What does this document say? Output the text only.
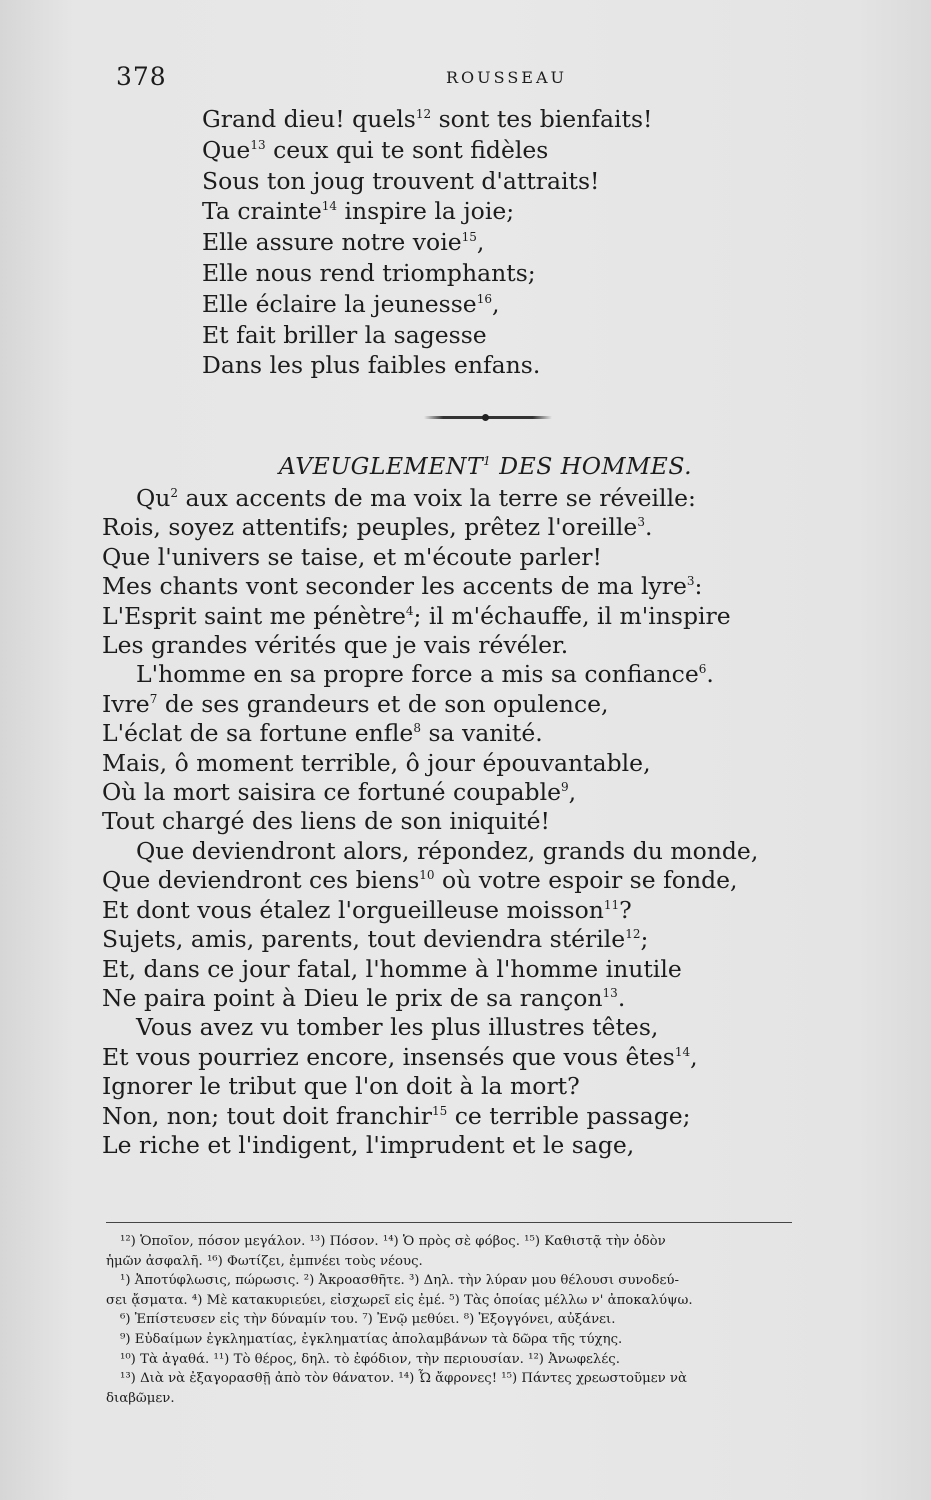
378	ROUSSEAU
Grand dieu! quels$^{12}$ sont tes bienfaits!
Que$^{13}$ ceux qui te sont fidèles
Sous ton joug trouvent d'attraits!
Ta crainte$^{14}$ inspire la joie;
Elle assure notre voie$^{15}$,
Elle nous rend triomphants;
Elle éclaire la jeunesse$^{16}$,
Et fait briller la sagesse
Dans les plus faibles enfans.
AVEUGLEMENT$^1$ DES HOMMES.
Qu$^2$ aux accents de ma voix la terre se réveille:
Rois, soyez attentifs; peuples, prêtez l'oreille$^3$.
Que l'univers se taise, et m'écoute parler!
Mes chants vont seconder les accents de ma lyre$^3$:
L'Esprit saint me pénètre$^4$; il m'échauffe, il m'inspire
Les grandes vérités que je vais révéler.
L'homme en sa propre force a mis sa confiance$^6$.
Ivre$^7$ de ses grandeurs et de son opulence,
L'éclat de sa fortune enfle$^8$ sa vanité.
Mais, ô moment terrible, ô jour épouvantable,
Où la mort saisira ce fortuné coupable$^9$,
Tout chargé des liens de son iniquité!
Que deviendront alors, répondez, grands du monde,
Que deviendront ces biens$^{10}$ où votre espoir se fonde,
Et dont vous étalez l'orgueilleuse moisson$^{11}$?
Sujets, amis, parents, tout deviendra stérile$^{12}$;
Et, dans ce jour fatal, l'homme à l'homme inutile
Ne paira point à Dieu le prix de sa rançon$^{13}$.
Vous avez vu tomber les plus illustres têtes,
Et vous pourriez encore, insensés que vous êtes$^{14}$,
Ignorer le tribut que l'on doit à la mort?
Non, non; tout doit franchir$^{15}$ ce terrible passage;
Le riche et l'indigent, l'imprudent et le sage,
¹²) Ὁποῖον, πόσον μεγάλον. ¹³) Πόσον. ¹⁴) Ὁ πρὸς σὲ φόβος. ¹⁵) Καθιστᾷ τὴν ὁδὸν
ἡμῶν ἀσφαλῆ. ¹⁶) Φωτίζει, ἐμπνέει τοὺς νέους.
¹) Ἀποτύφλωσις, πώρωσις. ²) Ἀκροασθῆτε. ³) Δηλ. τὴν λύραν μου θέλουσι συνοδεύ-
σει ᾄσματα. ⁴) Μὲ κατακυριεύει, εἰσχωρεῖ εἰς ἐμέ. ⁵) Τὰς ὁποίας μέλλω ν' ἀποκαλύψω.
⁶) Ἐπίστευσεν εἰς τὴν δύναμίν του. ⁷) Ἐνῷ μεθύει. ⁸) Ἐξογγόνει, αὐξάνει.
⁹) Εὐδαίμων ἐγκληματίας, ἐγκληματίας ἀπολαμβάνων τὰ δῶρα τῆς τύχης.
¹⁰) Τὰ ἀγαθά. ¹¹) Τὸ θέρος, δηλ. τὸ ἐφόδιον, τὴν περιουσίαν. ¹²) Ἀνωφελές.
¹³) Διὰ νὰ ἐξαγορασθῇ ἀπὸ τὸν θάνατον. ¹⁴) Ὦ ἄφρονες! ¹⁵) Πάντες χρεωστοῦμεν νὰ
διαβῶμεν.
